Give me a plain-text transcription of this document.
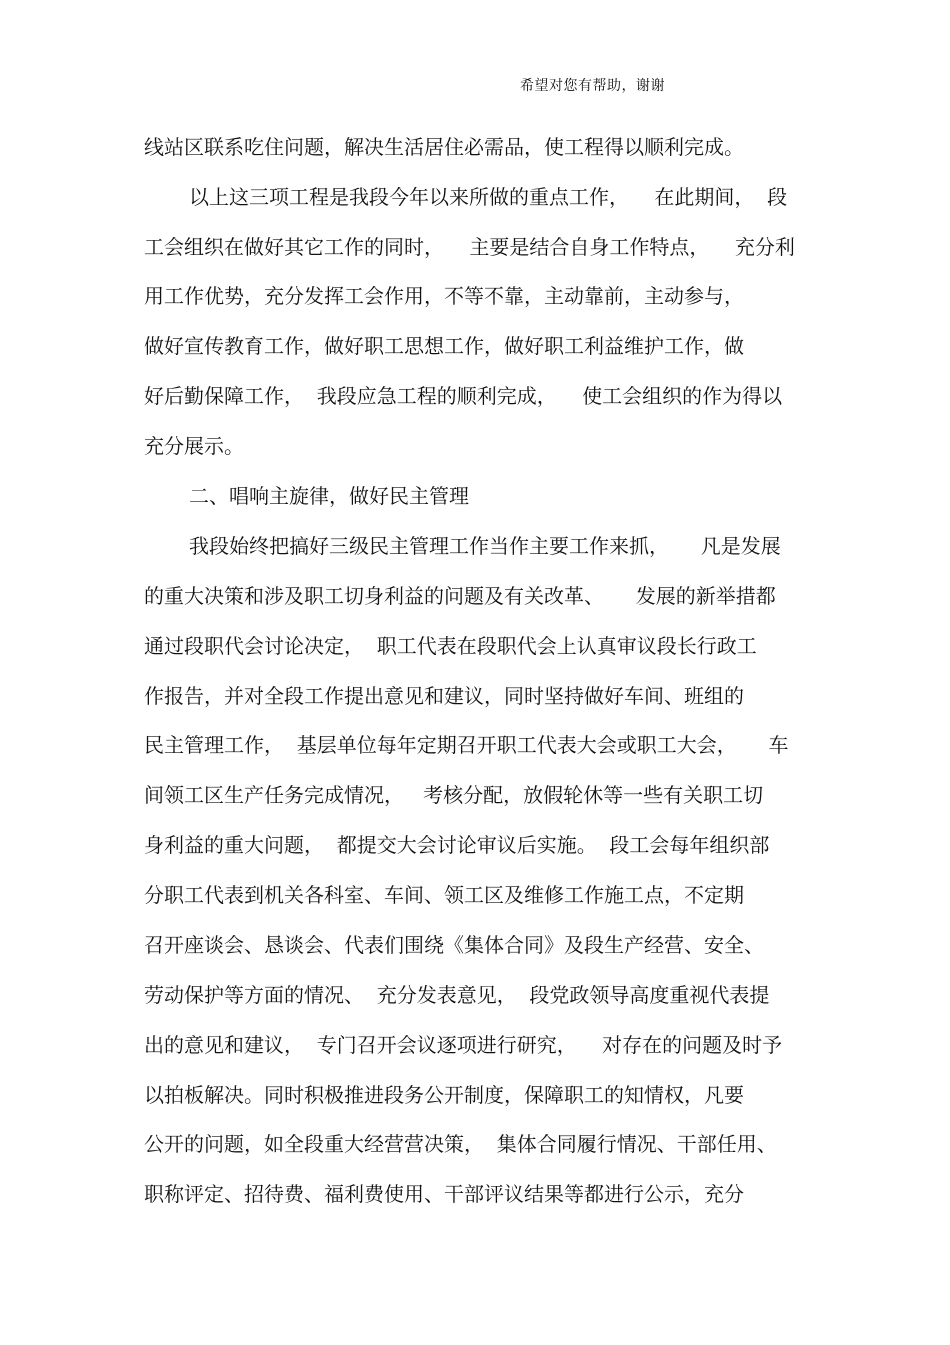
希望对您有帮助，谢谢
线站区联系吃住问题，解决生活居住必需品，使工程得以顺利完成。
以上这三项工程是我段今年以来所做的重点工作，    在此期间，  段
工会组织在做好其它工作的同时，    主要是结合自身工作特点，    充分利
用工作优势，充分发挥工会作用，不等不靠，主动靠前，主动参与，
做好宣传教育工作，做好职工思想工作，做好职工利益维护工作，做
好后勤保障工作，  我段应急工程的顺利完成，    使工会组织的作为得以
充分展示。
二、唱响主旋律，做好民主管理
我段始终把搞好三级民主管理工作当作主要工作来抓，     凡是发展
的重大决策和涉及职工切身利益的问题及有关改革、     发展的新举措都
通过段职代会讨论决定，  职工代表在段职代会上认真审议段长行政工
作报告，并对全段工作提出意见和建议，同时坚持做好车间、班组的
民主管理工作，  基层单位每年定期召开职工代表大会或职工大会，     车
间领工区生产任务完成情况，   考核分配，放假轮休等一些有关职工切
身利益的重大问题，  都提交大会讨论审议后实施。  段工会每年组织部
分职工代表到机关各科室、车间、领工区及维修工作施工点，不定期
召开座谈会、恳谈会、代表们围绕《集体合同》及段生产经营、安全、
劳动保护等方面的情况、  充分发表意见，  段党政领导高度重视代表提
出的意见和建议，  专门召开会议逐项进行研究，    对存在的问题及时予
以拍板解决。同时积极推进段务公开制度，保障职工的知情权，凡要
公开的问题，如全段重大经营营决策，  集体合同履行情况、干部任用、
职称评定、招待费、福利费使用、干部评议结果等都进行公示，充分
